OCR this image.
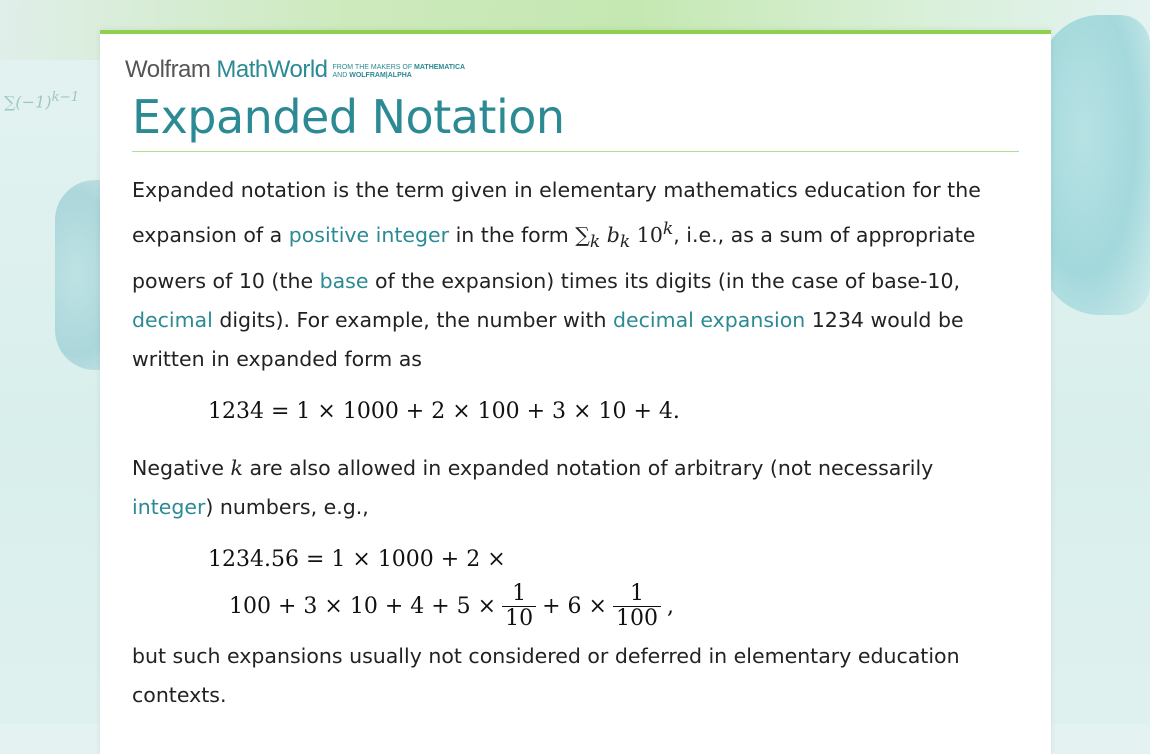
$\sum(-1)^{k-1}$
Wolfram MathWorld FROM THE MAKERS OF MATHEMATICA
AND WOLFRAM|ALPHA
Expanded Notation

Expanded notation is the term given in elementary mathematics education for the expansion of a positive integer in the form $\sum_k$ $b_k$ 10$^k$, i.e., as a sum of appropriate powers of 10 (the base of the expansion) times its digits (in the case of base-10, decimal digits). For example, the number with decimal expansion 1234 would be written in expanded form as

1234 = 1 × 1000 + 2 × 100 + 3 × 10 + 4.

Negative k are also allowed in expanded notation of arbitrary (not necessarily integer) numbers, e.g.,

1234.56 = 1 × 1000 + 2 ×
$100 + 3 \times 10 + 4 + 5 \times \frac{1}{10} + 6 \times \frac{1}{100}$ ,

but such expansions usually not considered or deferred in elementary education contexts.
